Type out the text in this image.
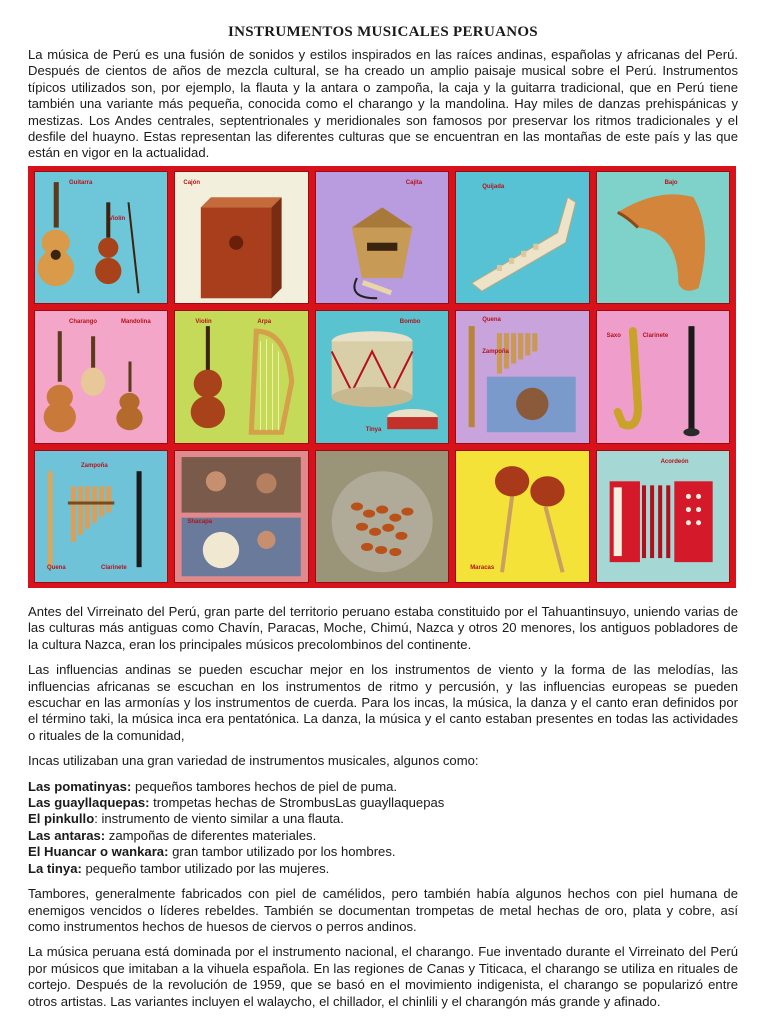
INSTRUMENTOS MUSICALES PERUANOS

La música de Perú es una fusión de sonidos y estilos inspirados en las raíces andinas, españolas y africanas del Perú. Después de cientos de años de mezcla cultural, se ha creado un amplio paisaje musical sobre el Perú. Instrumentos típicos utilizados son, por ejemplo, la flauta y la antara o zampoña, la caja y la guitarra tradicional, que en Perú tiene también una variante más pequeña, conocida como el charango y la mandolina. Hay miles de danzas prehispánicas y mestizas. Los Andes centrales, septentrionales y meridionales son famosos por preservar los ritmos tradicionales y el desfile del huayno. Estas representan las diferentes culturas que se encuentran en las montañas de este país y las que están en vigor en la actualidad.

Guitarra
Violín
Cajón	Cajita
Quijada
Bajo
Charango	Mandolina	Violín	Arpa	Bombo
Tinya
Quena
Zampoña
Saxo	Clarinete
Zampoña
Quena	Clarinete
Shacapa
Maracas
Acordeón

Antes del Virreinato del Perú, gran parte del territorio peruano estaba constituido por el Tahuantinsuyo, uniendo varias de las culturas más antiguas como Chavín, Paracas, Moche, Chimú, Nazca y otros 20 menores, los antiguos pobladores de la cultura Nazca, eran los principales músicos precolombinos del continente.

Las influencias andinas se pueden escuchar mejor en los instrumentos de viento y la forma de las melodías, las influencias africanas se escuchan en los instrumentos de ritmo y percusión, y las influencias europeas se pueden escuchar en las armonías y los instrumentos de cuerda. Para los incas, la música, la danza y el canto eran definidos por el término taki, la música inca era pentatónica. La danza, la música y el canto estaban presentes en todas las actividades o rituales de la comunidad,

Incas utilizaban una gran variedad de instrumentos musicales, algunos como:

Las pomatinyas: pequeños tambores hechos de piel de puma.

Las guayllaquepas: trompetas hechas de StrombusLas guayllaquepas

El pinkullo: instrumento de viento similar a una flauta.

Las antaras: zampoñas de diferentes materiales.

El Huancar o wankara: gran tambor utilizado por los hombres.

La tinya: pequeño tambor utilizado por las mujeres.

Tambores, generalmente fabricados con piel de camélidos, pero también había algunos hechos con piel humana de enemigos vencidos o líderes rebeldes. También se documentan trompetas de metal hechas de oro, plata y cobre, así como instrumentos hechos de huesos de ciervos o perros andinos.

La música peruana está dominada por el instrumento nacional, el charango. Fue inventado durante el Virreinato del Perú por músicos que imitaban a la vihuela española. En las regiones de Canas y Titicaca, el charango se utiliza en rituales de cortejo. Después de la revolución de 1959, que se basó en el movimiento indigenista, el charango se popularizó entre otros artistas. Las variantes incluyen el walaycho, el chillador, el chinlili y el charangón más grande y afinado.
